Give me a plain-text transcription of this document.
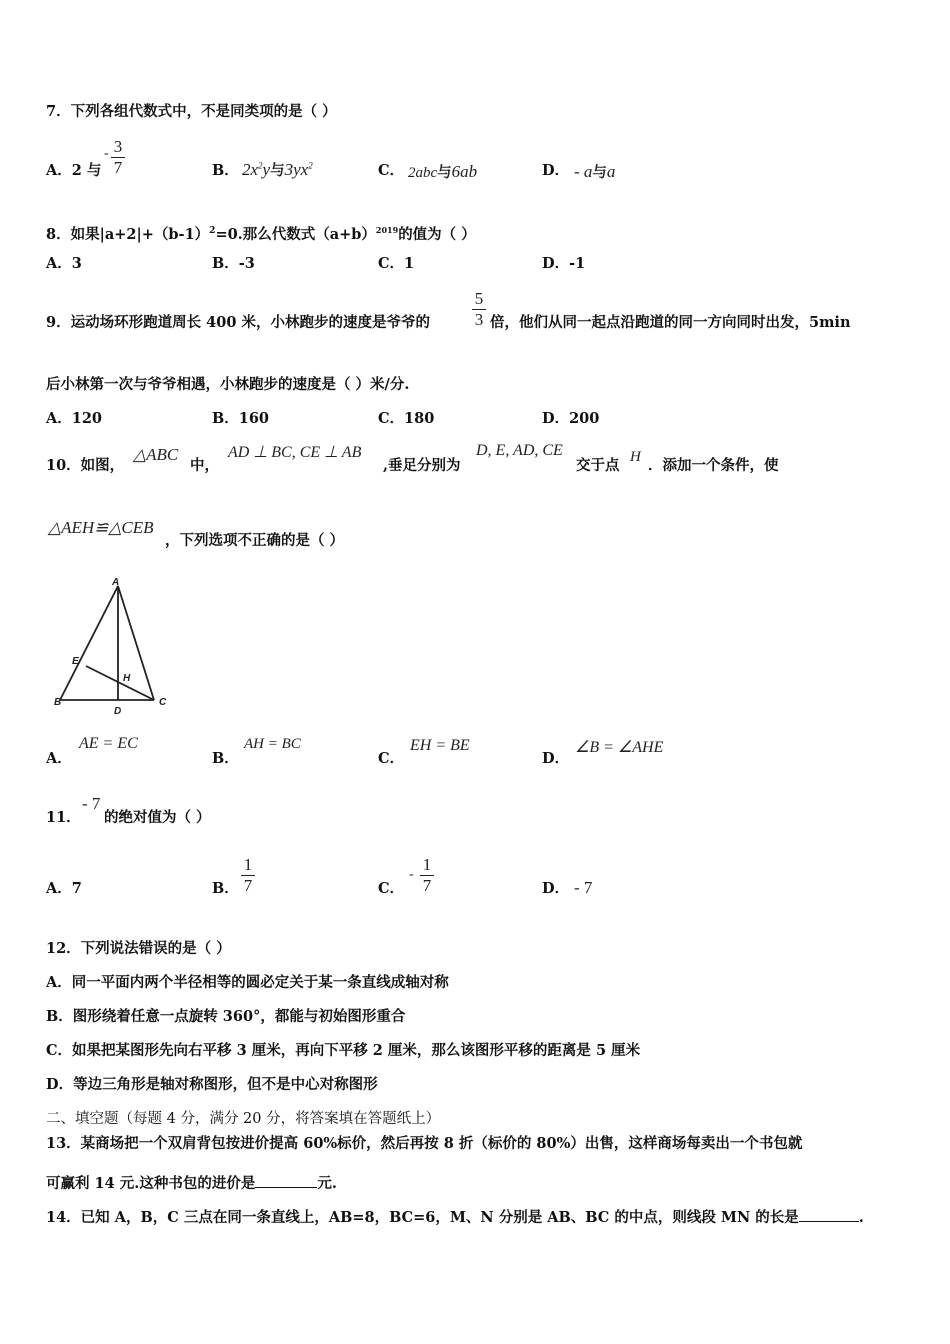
7．下列各组代数式中，不是同类项的是（ ）
A．2 与
- 3
7	B． $2x^2y$与$3yx^2$	C． 2abc与6ab	D． - a与a
8．如果$|a+2|+(b-1)^2=0$.那么代数式$(a+b)^{2019}$的值为（ ）
A．3	B．-3	C．1	D．-1
9．运动场环形跑道周长 400 米，小林跑步的速度是爷爷的
5
3 倍，他们从同一起点沿跑道的同一方向同时出发，5min
后小林第一次与爷爷相遇，小林跑步的速度是（ ）米/分.
A．120	B．160	C．180	D．200
10．如图，
△ABC
中，
AD ⊥ BC, CE ⊥ AB
,垂足分别为
D, E, AD, CE
交于点 H ．添加一个条件，使
△AEH≌△CEB
，下列选项不正确的是（ ）
A
B	C
D
E
H
A．
AE = EC
B．
AH = BC
C．
EH = BE
D．
∠B = ∠AHE
11．
- 7
的绝对值为（ ）
A．7	B．
1
7	C．
-
1
7	D． - 7
12．下列说法错误的是（ ）
A．同一平面内两个半径相等的圆必定关于某一条直线成轴对称
B．图形绕着任意一点旋转 360°，都能与初始图形重合
C．如果把某图形先向右平移 3 厘米，再向下平移 2 厘米，那么该图形平移的距离是 5 厘米
D．等边三角形是轴对称图形，但不是中心对称图形
二、填空题（每题 4 分，满分 20 分，将答案填在答题纸上）
13．某商场把一个双肩背包按进价提高 60%标价，然后再按 8 折（标价的 80%）出售，这样商场每卖出一个书包就
可赢利 14 元.这种书包的进价是	元.
14．已知 A，B，C 三点在同一条直线上，AB=8，BC=6，M、N 分别是 AB、BC 的中点，则线段 MN 的长是	.
